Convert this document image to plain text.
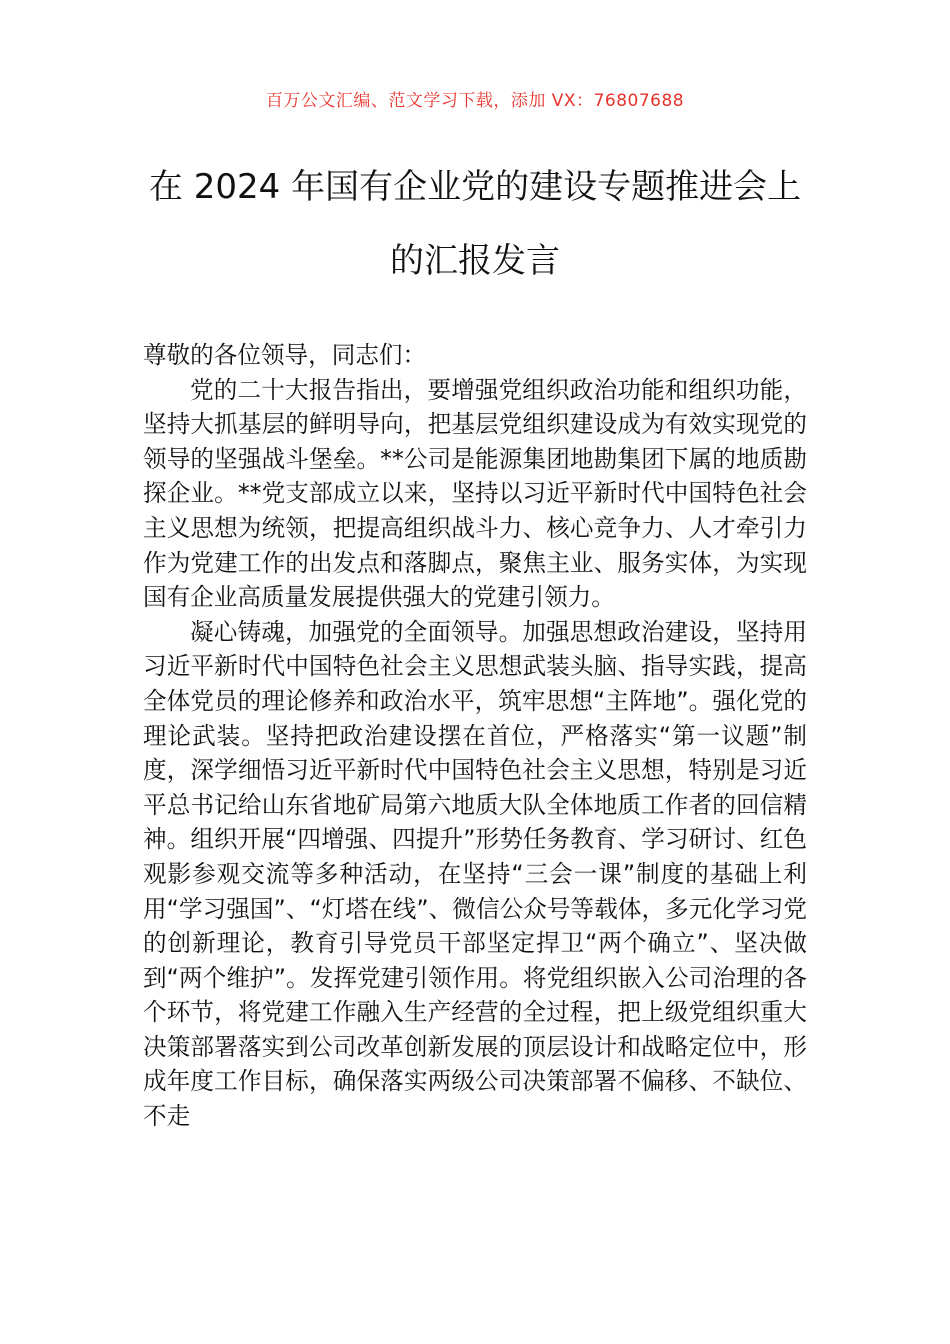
百万公文汇编、范文学习下载，添加 VX：76807688
在 2024 年国有企业党的建设专题推进会上
的汇报发言

尊敬的各位领导，同志们：

党的二十大报告指出，要增强党组织政治功能和组织功能，坚持大抓基层的鲜明导向，把基层党组织建设成为有效实现党的领导的坚强战斗堡垒。**公司是能源集团地勘集团下属的地质勘探企业。**党支部成立以来，坚持以习近平新时代中国特色社会主义思想为统领，把提高组织战斗力、核心竞争力、人才牵引力作为党建工作的出发点和落脚点，聚焦主业、服务实体，为实现国有企业高质量发展提供强大的党建引领力。

凝心铸魂，加强党的全面领导。加强思想政治建设，坚持用习近平新时代中国特色社会主义思想武装头脑、指导实践，提高全体党员的理论修养和政治水平，筑牢思想“主阵地”。强化党的理论武装。坚持把政治建设摆在首位，严格落实“第一议题”制度，深学细悟习近平新时代中国特色社会主义思想，特别是习近平总书记给山东省地矿局第六地质大队全体地质工作者的回信精神。组织开展“四增强、四提升”形势任务教育、学习研讨、红色观影参观交流等多种活动，在坚持“三会一课”制度的基础上利用“学习强国”、“灯塔在线”、微信公众号等载体，多元化学习党的创新理论，教育引导党员干部坚定捍卫“两个确立”、坚决做到“两个维护”。发挥党建引领作用。将党组织嵌入公司治理的各个环节，将党建工作融入生产经营的全过程，把上级党组织重大决策部署落实到公司改革创新发展的顶层设计和战略定位中，形成年度工作目标，确保落实两级公司决策部署不偏移、不缺位、不走
